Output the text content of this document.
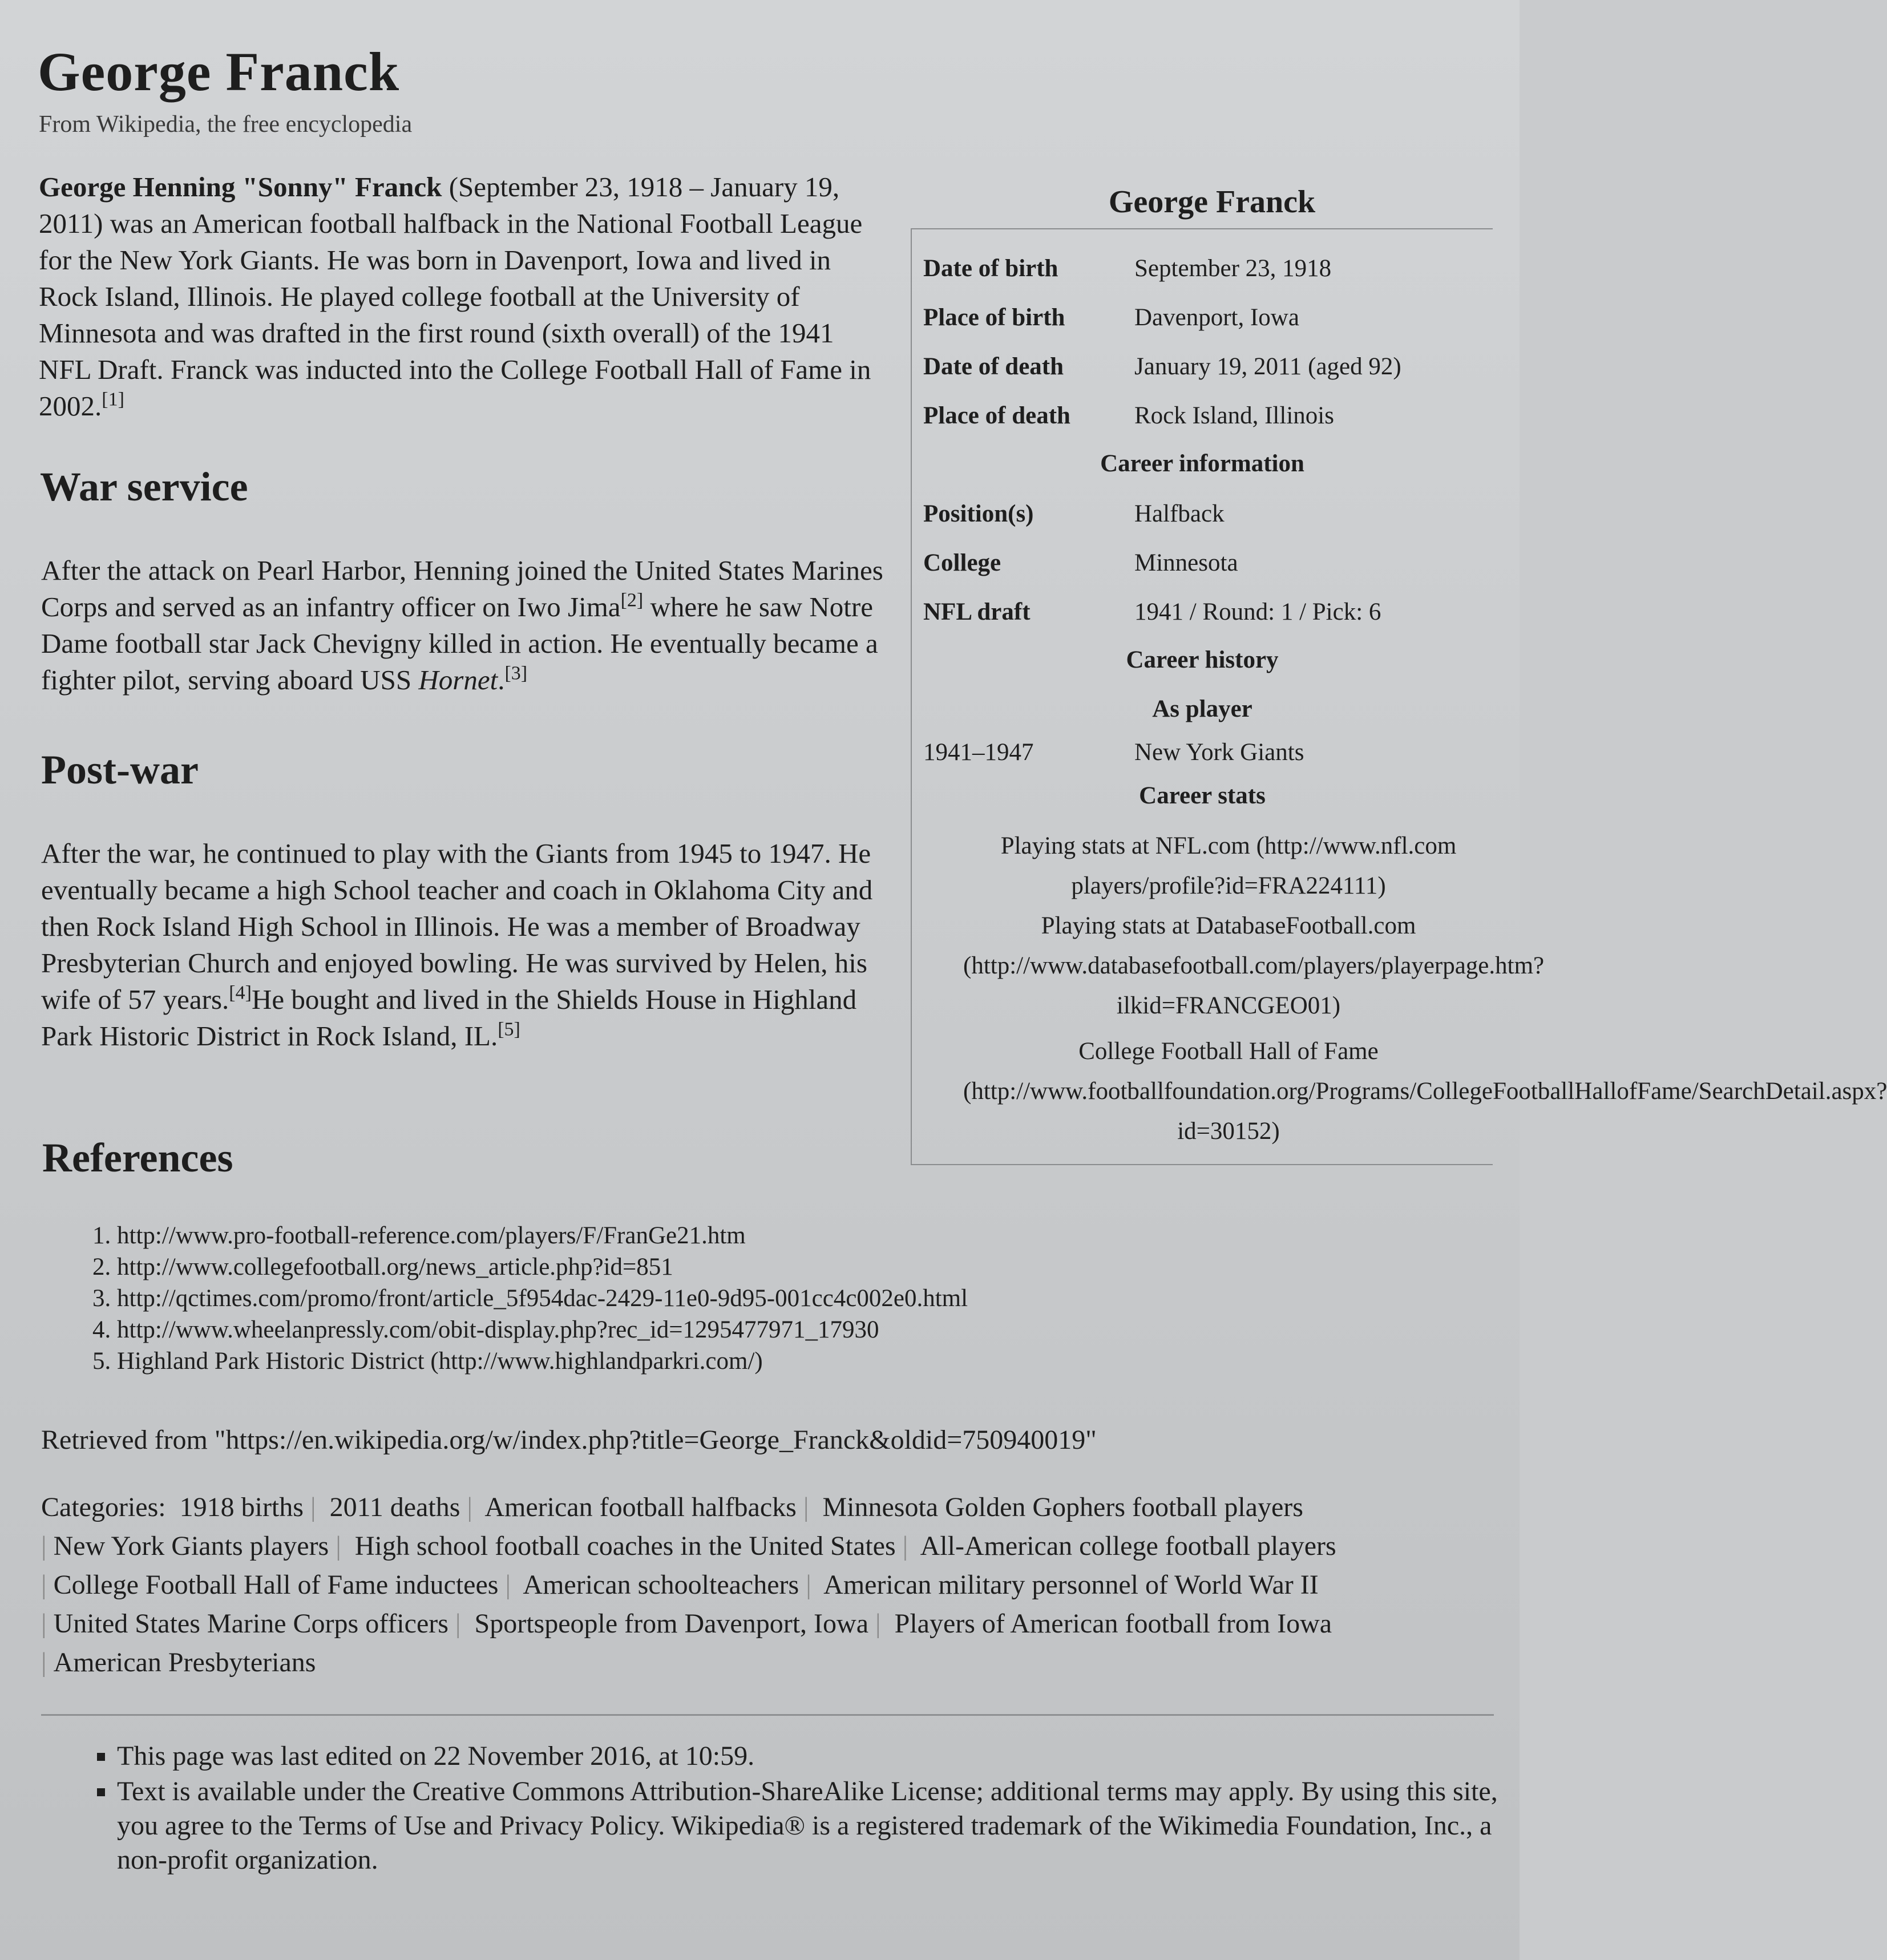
George Franck
From Wikipedia, the free encyclopedia

George Henning "Sonny" Franck (September 23, 1918 – January 19, 2011) was an American football halfback in the National Football League for the New York Giants. He was born in Davenport, Iowa and lived in Rock Island, Illinois. He played college football at the University of Minnesota and was drafted in the first round (sixth overall) of the 1941 NFL Draft. Franck was inducted into the College Football Hall of Fame in 2002.[1]

War service

After the attack on Pearl Harbor, Henning joined the United States Marines Corps and served as an infantry officer on Iwo Jima[2] where he saw Notre Dame football star Jack Chevigny killed in action. He eventually became a fighter pilot, serving aboard USS Hornet.[3]

Post-war

After the war, he continued to play with the Giants from 1945 to 1947. He eventually became a high School teacher and coach in Oklahoma City and then Rock Island High School in Illinois. He was a member of Broadway Presbyterian Church and enjoyed bowling. He was survived by Helen, his wife of 57 years.[4]He bought and lived in the Shields House in Highland Park Historic District in Rock Island, IL.[5]

George Franck
Date of birth	September 23, 1918
Place of birth	Davenport, Iowa
Date of death	January 19, 2011 (aged 92)
Place of death	Rock Island, Illinois
Career information
Position(s)	Halfback
College	Minnesota
NFL draft	1941 / Round: 1 / Pick: 6
Career history
As player
1941–1947	New York Giants
Career stats
Playing stats at NFL.com (http://www.nfl.com players/profile?id=FRA224111)
Playing stats at DatabaseFootball.com (http://www.databasefootball.com/players/playerpage.htm?ilkid=FRANCGEO01)
College Football Hall of Fame (http://www.footballfoundation.org/Programs/CollegeFootballHallofFame/SearchDetail.aspx?id=30152)
References
1. http://www.pro-football-reference.com/players/F/FranGe21.htm
2. http://www.collegefootball.org/news_article.php?id=851
3. http://qctimes.com/promo/front/article_5f954dac-2429-11e0-9d95-001cc4c002e0.html
4. http://www.wheelanpressly.com/obit-display.php?rec_id=1295477971_17930
5. Highland Park Historic District (http://www.highlandparkri.com/)
Retrieved from "https://en.wikipedia.org/w/index.php?title=George_Franck&oldid=750940019"
Categories: 1918 births | 2011 deaths | American football halfbacks | Minnesota Golden Gophers football players
| New York Giants players | High school football coaches in the United States | All-American college football players
| College Football Hall of Fame inductees | American schoolteachers | American military personnel of World War II
| United States Marine Corps officers | Sportspeople from Davenport, Iowa | Players of American football from Iowa
| American Presbyterians
▪ This page was last edited on 22 November 2016, at 10:59.
▪ Text is available under the Creative Commons Attribution-ShareAlike License; additional terms may apply. By using this site, you agree to the Terms of Use and Privacy Policy. Wikipedia® is a registered trademark of the Wikimedia Foundation, Inc., a non-profit organization.
